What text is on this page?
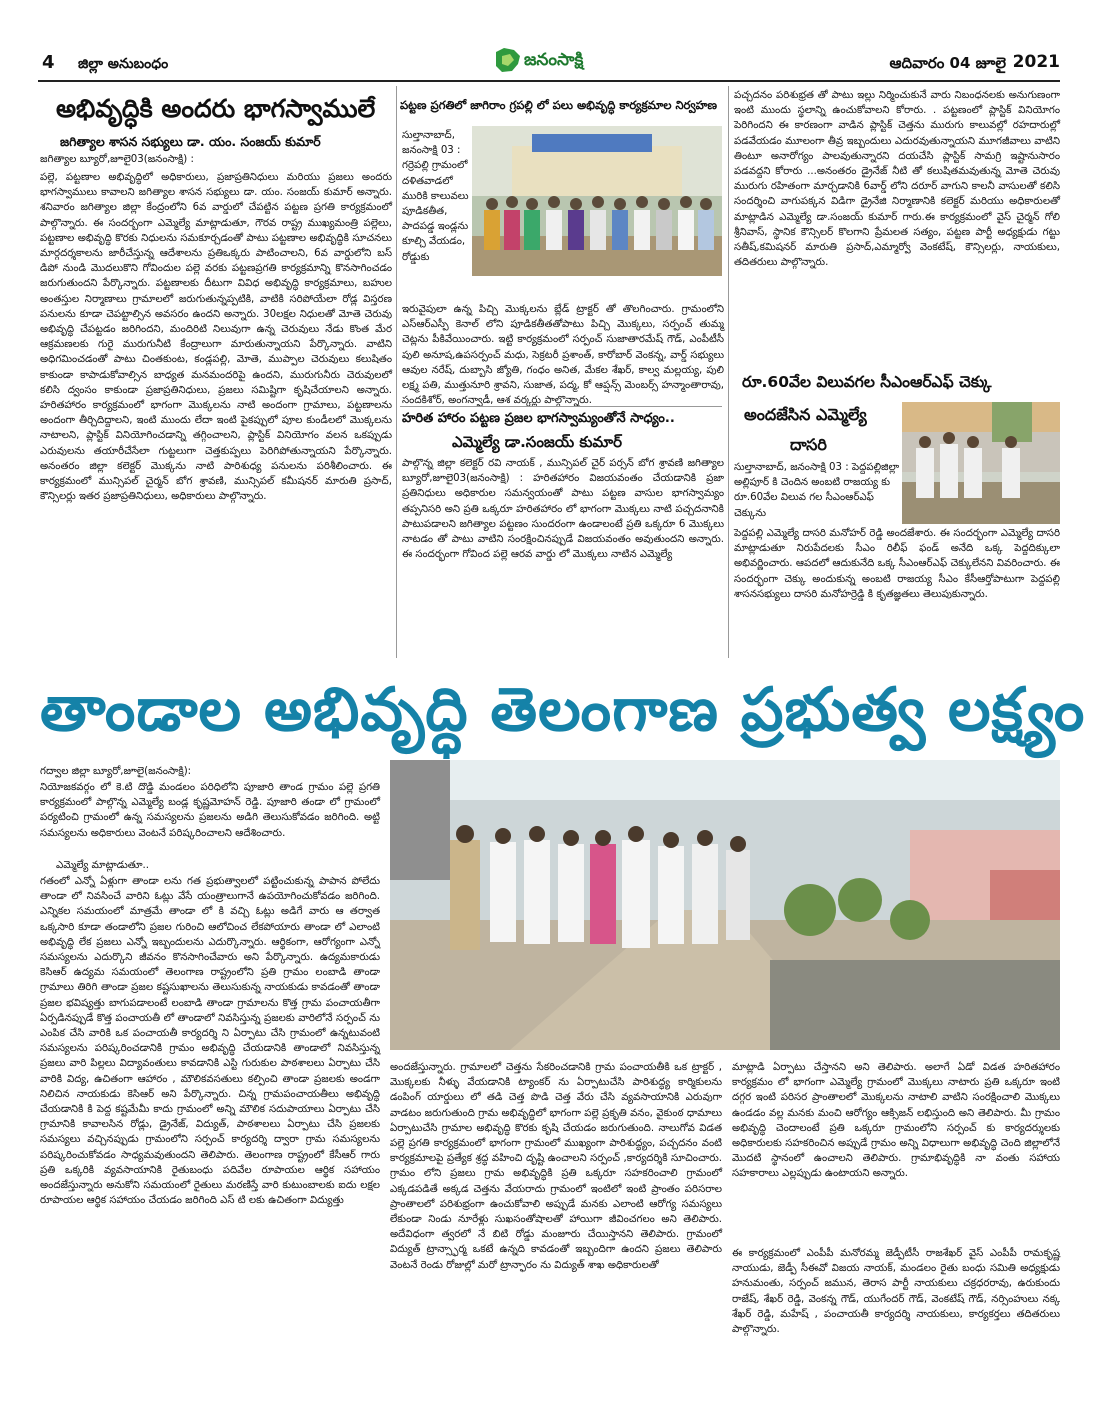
4 జిల్లా అనుబంధం	జనంసాక్షి	ఆదివారం 04 జూలై 2021
అభివృద్ధికి అందరు భాగస్వాములే
జగిత్యాల శాసన సభ్యులు డా. యం. సంజయ్ కుమార్
జగిత్యాల బ్యూరో,జూలై03(జనంసాక్షి) :
పల్లె, పట్టణాల అభివృద్ధిలో అధికారులు, ప్రజాప్రతినిధులు మరియు ప్రజలు అందరు భాగస్వాములు కావాలని జగిత్యాల శాసన సభ్యులు డా. యం. సంజయ్ కుమార్ అన్నారు. శనివారం జగిత్యాల జిల్లా కేంద్రంలోని 6వ వార్డులో చేపట్టిన పట్టణ ప్రగతి కార్యక్రమంలో పాల్గొన్నారు. ఈ సందర్బంగా ఎమ్మెల్యే మాట్లాడుతూ, గౌరవ రాష్ట్ర ముఖ్యమంత్రి పల్లెలు, పట్టణాల అభివృద్ధి కొరకు నిధులను సమకూర్చడంతో పాటు పట్టణాల అభివృద్ధికి సూచనలు మార్గదర్శకాలను జారీచేస్తున్న ఆదేశాలను ప్రతిఒక్కరు పాటించాలని, 6వ వార్డులోని బస్ డిపో నుండి మొదలుకొని గోవిందుల పల్లె వరకు పట్టణప్రగతి కార్యక్రమాన్ని కొనసాగించడం జరుగుతుందని పేర్కొన్నారు. పట్టణాలకు దీటుగా వివిధ అభివృద్ధి కార్యక్రమాలు, బహుల అంతస్తుల నిర్మాణాలు గ్రామాలలో జరుగుతున్నప్పటికి, వాటికి సరిపోయేలా రోడ్ల విస్తరణ పనులను కూడా చెపట్టాల్సిన అవసరం ఉందని అన్నారు. 30లక్షల నిధులతో మోతె చెరువు అభివృద్ధి చేపట్టడం జరిగిందని, మందిరిటి నిలువుగా ఉన్న చెరువులు నేడు కొంత మేర ఆక్రమణలకు గురై మురుగునీటి కేంద్రాలుగా మారుతున్నాయని పేర్కొన్నారు. వాటిని అధిగమించడంతో పాటు చింతకుంట, కండ్లపల్లి, మోతె, ముప్పాల చెరువులు కలుషితం కాకుండా కాపాడుకోవాల్సిన బాధ్యత మనమందరిపై ఉందని, మురుగునీరు చెరువులలో కలిసి ద్వంసం కాకుండా ప్రజాప్రతినిధులు, ప్రజలు సమిష్టిగా కృషిచేయాలని అన్నారు. హరితహారం కార్యక్రమంలో భాగంగా మొక్కలను నాటి అందంగా గ్రామాలు, పట్టణాలను అందంగా తీర్చిదిద్దాలని, ఇంటి ముందు లేదా ఇంటి పైకప్పులో పూల కుండీలలో మొక్కలను నాటాలని, ప్లాస్టిక్ వినియోగించడాన్ని తగ్గించాలని, ప్లాస్టిక్ వినియోగం వలన ఒకప్పుడు ఎరువులను తయారీచేసేలా గుట్టలుగా చెత్తకుప్పలు పెరిగిపోతున్నాయని పేర్కొన్నారు. అనంతరం జిల్లా కలెక్టర్ మొక్కను నాటి పారిశుధ్య పనులను పరిశీలించారు. ఈ కార్యక్రమంలో మున్సిపల్ చైర్మన్ బోగ శ్రావణి, మున్సిపల్ కమీషనర్ మారుతి ప్రసాద్, కౌన్సిలర్లు ఇతర ప్రజాప్రతినిధులు, అధికారులు పాల్గొన్నారు.
పట్టణ ప్రగతిలో జాగిరాం గ్రపల్లి లో పలు అభివృద్ధి కార్యక్రమాల నిర్వహణ
సుల్తానాబాద్, జనంసాక్షి 03 : గర్రెపల్లి గ్రామంలో దళితవాడలో మురికి కాలువలు పూడికతీత, పాదపడ్డ ఇండ్లను కూల్చి వేయడం, రోడ్డుకు
ఇరువైపులా ఉన్న పిచ్చి మొక్కలను బ్లేడ్ ట్రాక్టర్ తో తొలగించారు. గ్రామంలోని ఎస్ఆర్ఎస్పీ కెనాల్ లోని పూడికతీతతోపాటు పిచ్చి మొక్కలు, సర్పంచ్ తుమ్మ చెట్లను పీకివేయించారు. ఇట్టి కార్యక్రమంలో సర్పంచ్ సుజాతారమేష్ గౌడ్, ఎంపీటీసీ పులి అనూష,ఉపసర్పంచ్ మధు, సెక్రటరీ ప్రశాంత్, కారోబార్ వెంకన్న, వార్డ్ సభ్యులు ఆవుల నరేష్, దుబ్బాసి జ్యోతి, గంధం అనిత, మేకల శేఖర్, కాల్వ మల్లయ్య, పులి లక్ష్మ పతి, ముత్తునూరి శ్రావని, సుజాత, పద్మ, కో ఆప్షన్స్ మెంబర్స్ హన్మాంతారావు, సందకిశోర్, అంగన్వాడీ, ఆశ వర్కర్లు పాల్గొన్నారు.
హరిత హారం పట్టణ ప్రజల భాగస్వామ్యంతోనే సాధ్యం..
ఎమ్మెల్యే డా.సంజయ్ కుమార్
పాల్గొన్న జిల్లా కలెక్టర్ రవి నాయక్ , మున్సిపల్ చైర్ పర్సన్ బోగ శ్రావణి జగిత్యాల బ్యూరో,జూలై03(జనంసాక్షి) : హరితహారం విజయవంతం చేయడానికి ప్రజా ప్రతినిధులు అధికారుల సమన్వయంతో పాటు పట్టణ వాసుల భాగస్వామ్యం తప్పనిసరి అని ప్రతి ఒక్కరూ హరితహారం లో భాగంగా మొక్కలు నాటి పచ్చదనానికి పాటుపడాలని జగిత్యాల పట్టణం సుందరంగా ఉండాలంటే ప్రతి ఒక్కరూ 6 మొక్కలు నాటడం తో పాటు వాటిని సంరక్షించినప్పుడే విజయవంతం అవుతుందని అన్నారు. ఈ సందర్భంగా గోవింద పల్లె ఆరవ వార్డు లో మొక్కలు నాటిన ఎమ్మెల్యే
పచ్చదనం పరిశుభ్రత తో పాటు ఇల్లు నిర్మించుకునే వారు నిబంధనలకు అనుగుణంగా ఇంటి ముందు స్థలాన్ని ఉంచుకోవాలని కోరారు. . పట్టణంలో ప్లాస్టిక్ వినియోగం పెరిగిందని ఈ కారణంగా వాడిన ప్లాస్టిక్ చెత్తను మురుగు కాలువల్లో రహదారుల్లో పడవేయడం మూలంగా తీవ్ర ఇబ్బందులు ఎదురవుతున్నాయని మూగజీవాలు వాటిని తింటూ అనారోగ్యం పాలవుతున్నారని దయచేసి ప్లాస్టిక్ సామగ్రి ఇష్టానుసారం పడవద్దని కోరారు ...అనంతరం డ్రైనేజ్ నీటి తో కలుషితమవుతున్న మోతె చెరువు మురుగు రహితంగా మార్చడానికి 6వార్డ్ లోని దరూర్ వాగుని కాలనీ వాసులతో కలిసి సందర్శించి వాగుపక్కన విడిగా డ్రైనేజి నిర్మాణానికి కలెక్టర్ మరియు అధికారులతో మాట్లాడిన ఎమ్మెల్యే డా.సంజయ్ కుమార్ గారు.ఈ కార్యక్రమంలో వైస్ చైర్మన్ గోలి శ్రీనివాస్, స్థానిక కౌన్సిలర్ కొలగాని ప్రేమలత సత్యం, పట్టణ పార్టీ అధ్యక్షుడు గట్టు సతీష్,కమిషనర్ మారుతి ప్రసాద్,ఎమ్మార్వో వెంకటేష్, కౌన్సిలర్లు, నాయకులు, తదితరులు పాల్గొన్నారు.
రూ.60వేల విలువగల సీఎంఆర్ఎఫ్ చెక్కు
అందజేసిన ఎమ్మెల్యే
దాసరి
సుల్తానాబాద్, జనంసాక్షి 03 : పెద్దపల్లిజిల్లా అల్లిపూర్ కి చెందిన అంబటి రాజయ్య కు రూ.60వేల విలువ గల సీఎంఆర్ఎఫ్ చెక్కును
పెద్దపల్లి ఎమ్మెల్యే దాసరి మనోహర్ రెడ్డి అందజేశారు. ఈ సందర్భంగా ఎమ్మెల్యే దాసరి మాట్లాడుతూ నిరుపేదలకు సీఎం రిలీఫ్ ఫండ్ అనేది ఒక్క పెద్దదిక్కులా అభివర్ణించారు. ఆపదలో ఆదుకునేది ఒక్క సీఎంఆర్ఎఫ్ చెక్కులేనని వివరించారు. ఈ సందర్భంగా చెక్కు అందుకున్న అంబటి రాజయ్య సీఎం కేసీఆర్తోపాటుగా పెద్దపల్లి శాసనసభ్యులు దాసరి మనోహర్రెడ్డి కి కృతజ్ఞతలు తెలుపుకున్నారు.
తాండాల అభివృద్ధి తెలంగాణ ప్రభుత్వ లక్ష్యం
గద్వాల జిల్లా బ్యూరో,జూలై(జనంసాక్షి):
నియోజకవర్గం లో కె.టి దొడ్డి మండలం పరిధిలోని పూజారి తాండ గ్రామం పల్లె ప్రగతి కార్యక్రమంలో పాల్గొన్న ఎమ్మెల్యే బండ్ల కృష్ణమోహన్ రెడ్డి. పూజారి తండా లో గ్రామంలో పర్యటించి గ్రామంలో ఉన్న సమస్యలను ప్రజలను అడిగి తెలుసుకోవడం జరిగింది. అట్టి సమస్యలను అధికారులు వెంటనే పరిష్కరించాలని ఆదేశించారు.
ఎమ్మెల్యే మాట్లాడుతూ..
గతంలో ఎన్నో ఏళ్లుగా తాండా లను గత ప్రభుత్వాలలో పట్టించుకున్న పాపాన పోలేదు తాండా లో నివసించే వారిని ఓట్లు వేసే యంత్రాలుగానే ఉపయోగించుకోవడం జరిగింది. ఎన్నికల సమయంలో మాత్రమే తాండా లో కి వచ్చి ఓట్లు అడిగే వారు ఆ తర్వాత ఒక్కసారి కూడా తండాలోని ప్రజల గురించి ఆలోచించ లేకపోయారు తాండా లో ఎలాంటి అభివృద్ధి లేక ప్రజలు ఎన్నో ఇబ్బందులను ఎదుర్కొన్నారు. ఆర్థికంగా, ఆరోగ్యంగా ఎన్నో సమస్యలను ఎదుర్కొని జీవనం కొనసాగించేవారు అని పేర్కొన్నారు. ఉద్యమకారుడు కెసిఆర్ ఉద్యమ సమయంలో తెలంగాణ రాష్ట్రంలోని ప్రతి గ్రామం లంబాడి తాండా గ్రామాలు తిరిగి తాండా ప్రజల కష్టసుఖాలను తెలుసుకున్న నాయకుడు కావడంతో తాండా ప్రజల భవిష్యత్తు బాగుపడాలంటే లంబాడి తాండా గ్రామాలను కొత్త గ్రామ పంచాయతీగా ఏర్పడినప్పుడే కొత్త పంచాయతీ లో తాండాలో నివసిస్తున్న ప్రజలకు వారిలోనే సర్పంచ్ ను ఎంపిక చేసి వారికి ఒక పంచాయతీ కార్యదర్శి ని ఏర్పాటు చేసి గ్రామంలో ఉన్నటువంటి సమస్యలను పరిష్కరించడానికి గ్రామం అభివృద్ధి చేయడానికి తాండాలో నివసిస్తున్న ప్రజలు వారి పిల్లలు విద్యావంతులు కావడానికి ఎస్టి గురుకుల పాఠశాలలు ఏర్పాటు చేసి వారికి విద్య, ఉచితంగా ఆహారం , మౌలికవసతులు కల్పించి తాండా ప్రజలకు అండగా నిలిచిన నాయకుడు కెసిఆర్ అని పేర్కొన్నారు. చిన్న గ్రామపంచాయతీలు అభివృద్ధి చేయడానికి కి పెద్ద కష్టమేమీ కాదు గ్రామంలో అన్ని మౌలిక సదుపాయాలు ఏర్పాటు చేసి గ్రామానికి కావాలసిన రోడ్లు, డ్రైనేజ్, విద్యుత్, పాఠశాలలు ఏర్పాటు చేసి ప్రజలకు సమస్యలు వచ్చినప్పుడు గ్రామంలోని సర్పంచ్ కార్యదర్శి ద్వారా గ్రామ సమస్యలను పరిష్కరించుకోవడం సాధ్యమవుతుందని తెలిపారు. తెలంగాణ రాష్ట్రంలో కేసీఆర్ గారు ప్రతి ఒక్కరికి వ్యవసాయానికి రైతుబంధు పదివేల రూపాయల ఆర్థిక సహాయం అందజేస్తున్నారు అనుకోని సమయంలో రైతులు మరణిస్తే వారి కుటుంబాలకు ఐదు లక్షల రూపాయల ఆర్థిక సహాయం చేయడం జరిగింది ఎస్ టి లకు ఉచితంగా విద్యుత్తు
అందజేస్తున్నారు. గ్రామాలలో చెత్తను సేకరించడానికి గ్రామ పంచాయతీకి ఒక ట్రాక్టర్ , మొక్కలకు నీళ్ళు వేయడానికి ట్యాంకర్ ను ఏర్పాటుచేసి పారిశుద్ధ్య కార్మికులను డంపింగ్ యార్డులు లో తడి చెత్త పొడి చెత్త వేరు చేసి వ్యవసాయానికి ఎరువుగా వాడటం జరుగుతుంది గ్రామ అభివృద్ధిలో భాగంగా పల్లె ప్రకృతి వనం, వైకుంఠ ధామాలు ఏర్పాటుచేసి గ్రామాల అభివృద్ధి కొరకు కృషి చేయడం జరుగుతుంది. నాలుగోవ విడత పల్లె ప్రగతి కార్యక్రమంలో భాగంగా గ్రామంలో ముఖ్యంగా పారిశుద్ధ్యం, పచ్చదనం వంటి కార్యక్రమాలపై ప్రత్యేక శ్రద్ధ వహించి దృష్టి ఉంచాలని సర్పంచ్ ,కార్యదర్శికి సూచించారు. గ్రామం లోని ప్రజలు గ్రామ అభివృద్ధికి ప్రతి ఒక్కరూ సహకరించాలి గ్రామంలో ఎక్కడపడితే అక్కడ చెత్తను వేయరాదు గ్రామంలో ఇంటిలో ఇంటి ప్రాంతం పరిసరాల ప్రాంతాలలో పరిశుభ్రంగా ఉంచుకోవాలి అప్పుడే మనకు ఎలాంటి ఆరోగ్య సమస్యలు లేకుండా నిండు నూరేళ్లు సుఖసంతోషాలతో హాయిగా జీవించగలం అని తెలిపారు. అదేవిధంగా త్వరలో నే బిటి రోడ్డు మంజూరు చేయిస్తానని తెలిపారు. గ్రామంలో విద్యుత్ ట్రాన్స్ఫార్మ ఒకటే ఉన్నది కావడంతో ఇబ్బందిగా ఉందని ప్రజలు తెలిపారు వెంటనే రెండు రోజుల్లో మరో ట్రాన్ఫారం ను విద్యుత్ శాఖ అధికారులతో
మాట్లాడి ఏర్పాటు చేస్తానని అని తెలిపారు. అలాగే ఏడో విడత హరితహారం కార్యక్రమం లో భాగంగా ఎమ్మెల్యే గ్రామంలో మొక్కలు నాటారు ప్రతి ఒక్కరూ ఇంటి దగ్గర ఇంటి పరిసర ప్రాంతాలలో మొక్కలను నాటాలి వాటిని సంరక్షించాలి మొక్కలు ఉండడం వల్ల మనకు మంచి ఆరోగ్యం ఆక్సిజన్ లభిస్తుంది అని తెలిపారు. మీ గ్రామం అభివృద్ధి చెందాలంటే ప్రతి ఒక్కరూ గ్రామంలోని సర్పంచ్ కు కార్యదర్శులకు అధికారులకు సహకరించిన అప్పుడే గ్రామం అన్ని విధాలుగా అభివృద్ధి చెంది జిల్లాలోనే మొదటి స్థానంలో ఉంచాలని తెలిపారు. గ్రామాభివృద్ధికి నా వంతు సహాయ సహకారాలు ఎల్లప్పుడు ఉంటాయని అన్నారు.
ఈ కార్యక్రమంలో ఎంపీపీ మనోరమ్మ జెడ్పీటీసీ రాజశేఖర్ వైస్ ఎంపీపీ రామకృష్ణ నాయుడు, జెడ్పీ సీఈవో విజయ నాయక్, మండలం రైతు బంధు సమితి అధ్యక్షుడు హనుమంతు, సర్పంచ్ జమున, తెరాస పార్టీ నాయకులు చక్రధరరావు, ఉరుకుందు రాజేష్, శేఖర్ రెడ్డి, వెంకన్న గౌడ్, యుగేందర్ గౌడ్, వెంకటేష్ గౌడ్, నర్సింహులు నక్క శేఖర్ రెడ్డి, మహేష్ , పంచాయతీ కార్యదర్శి నాయకులు, కార్యకర్తలు తదితరులు పాల్గొన్నారు.
